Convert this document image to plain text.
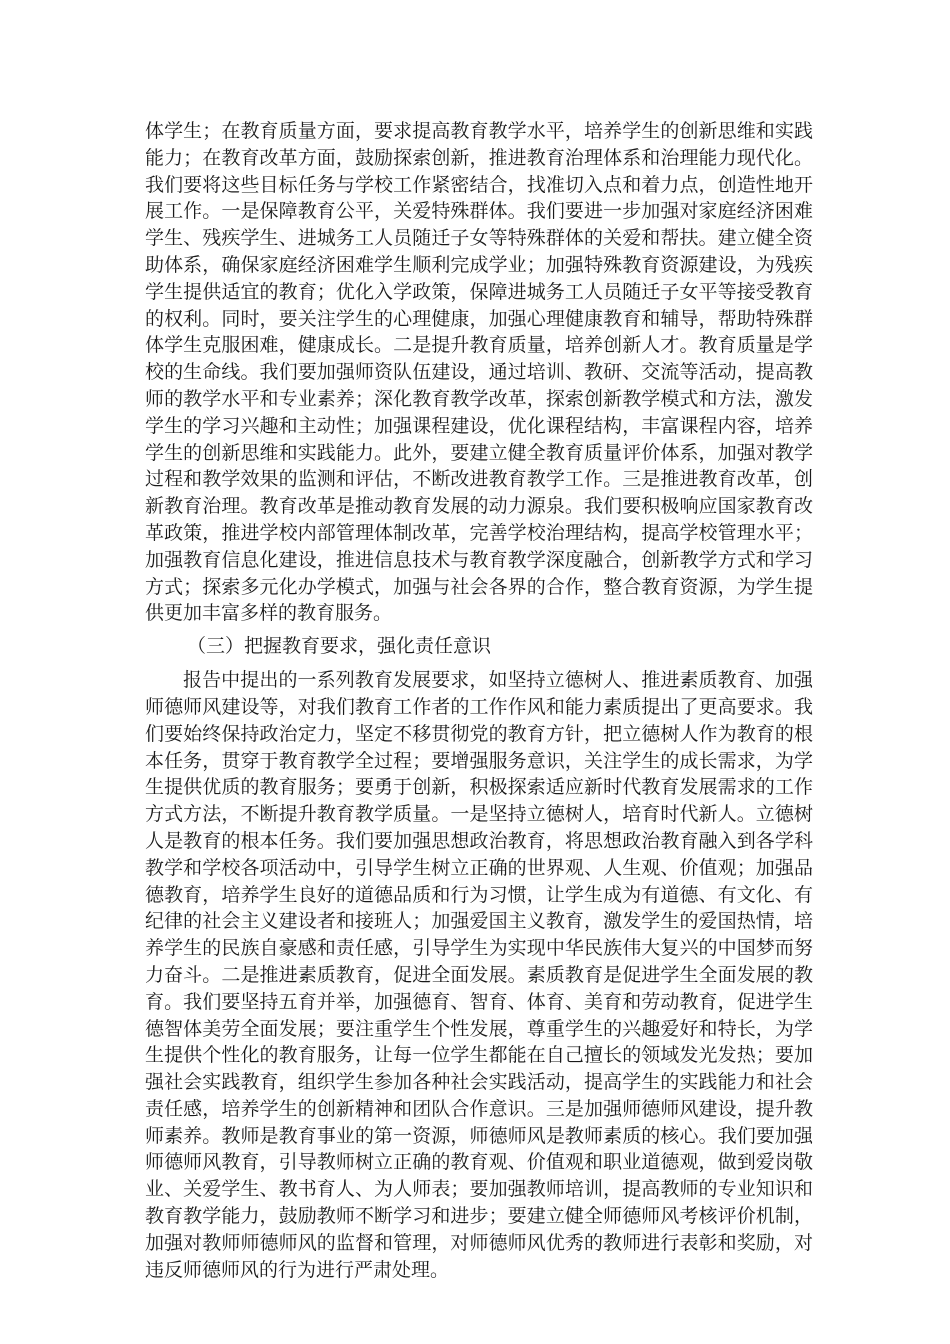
体学生；在教育质量方面，要求提高教育教学水平，培养学生的创新思维和实践能力；在教育改革方面，鼓励探索创新，推进教育治理体系和治理能力现代化。我们要将这些目标任务与学校工作紧密结合，找准切入点和着力点，创造性地开展工作。一是保障教育公平，关爱特殊群体。我们要进一步加强对家庭经济困难学生、残疾学生、进城务工人员随迁子女等特殊群体的关爱和帮扶。建立健全资助体系，确保家庭经济困难学生顺利完成学业；加强特殊教育资源建设，为残疾学生提供适宜的教育；优化入学政策，保障进城务工人员随迁子女平等接受教育的权利。同时，要关注学生的心理健康，加强心理健康教育和辅导，帮助特殊群体学生克服困难，健康成长。二是提升教育质量，培养创新人才。教育质量是学校的生命线。我们要加强师资队伍建设，通过培训、教研、交流等活动，提高教师的教学水平和专业素养；深化教育教学改革，探索创新教学模式和方法，激发学生的学习兴趣和主动性；加强课程建设，优化课程结构，丰富课程内容，培养学生的创新思维和实践能力。此外，要建立健全教育质量评价体系，加强对教学过程和教学效果的监测和评估，不断改进教育教学工作。三是推进教育改革，创新教育治理。教育改革是推动教育发展的动力源泉。我们要积极响应国家教育改革政策，推进学校内部管理体制改革，完善学校治理结构，提高学校管理水平；加强教育信息化建设，推进信息技术与教育教学深度融合，创新教学方式和学习方式；探索多元化办学模式，加强与社会各界的合作，整合教育资源，为学生提供更加丰富多样的教育服务。

（三）把握教育要求，强化责任意识

报告中提出的一系列教育发展要求，如坚持立德树人、推进素质教育、加强师德师风建设等，对我们教育工作者的工作作风和能力素质提出了更高要求。我们要始终保持政治定力，坚定不移贯彻党的教育方针，把立德树人作为教育的根本任务，贯穿于教育教学全过程；要增强服务意识，关注学生的成长需求，为学生提供优质的教育服务；要勇于创新，积极探索适应新时代教育发展需求的工作方式方法，不断提升教育教学质量。一是坚持立德树人，培育时代新人。立德树人是教育的根本任务。我们要加强思想政治教育，将思想政治教育融入到各学科教学和学校各项活动中，引导学生树立正确的世界观、人生观、价值观；加强品德教育，培养学生良好的道德品质和行为习惯，让学生成为有道德、有文化、有纪律的社会主义建设者和接班人；加强爱国主义教育，激发学生的爱国热情，培养学生的民族自豪感和责任感，引导学生为实现中华民族伟大复兴的中国梦而努力奋斗。二是推进素质教育，促进全面发展。素质教育是促进学生全面发展的教育。我们要坚持五育并举，加强德育、智育、体育、美育和劳动教育，促进学生德智体美劳全面发展；要注重学生个性发展，尊重学生的兴趣爱好和特长，为学生提供个性化的教育服务，让每一位学生都能在自己擅长的领域发光发热；要加强社会实践教育，组织学生参加各种社会实践活动，提高学生的实践能力和社会责任感，培养学生的创新精神和团队合作意识。三是加强师德师风建设，提升教师素养。教师是教育事业的第一资源，师德师风是教师素质的核心。我们要加强师德师风教育，引导教师树立正确的教育观、价值观和职业道德观，做到爱岗敬业、关爱学生、教书育人、为人师表；要加强教师培训，提高教师的专业知识和教育教学能力，鼓励教师不断学习和进步；要建立健全师德师风考核评价机制，加强对教师师德师风的监督和管理，对师德师风优秀的教师进行表彰和奖励，对违反师德师风的行为进行严肃处理。
